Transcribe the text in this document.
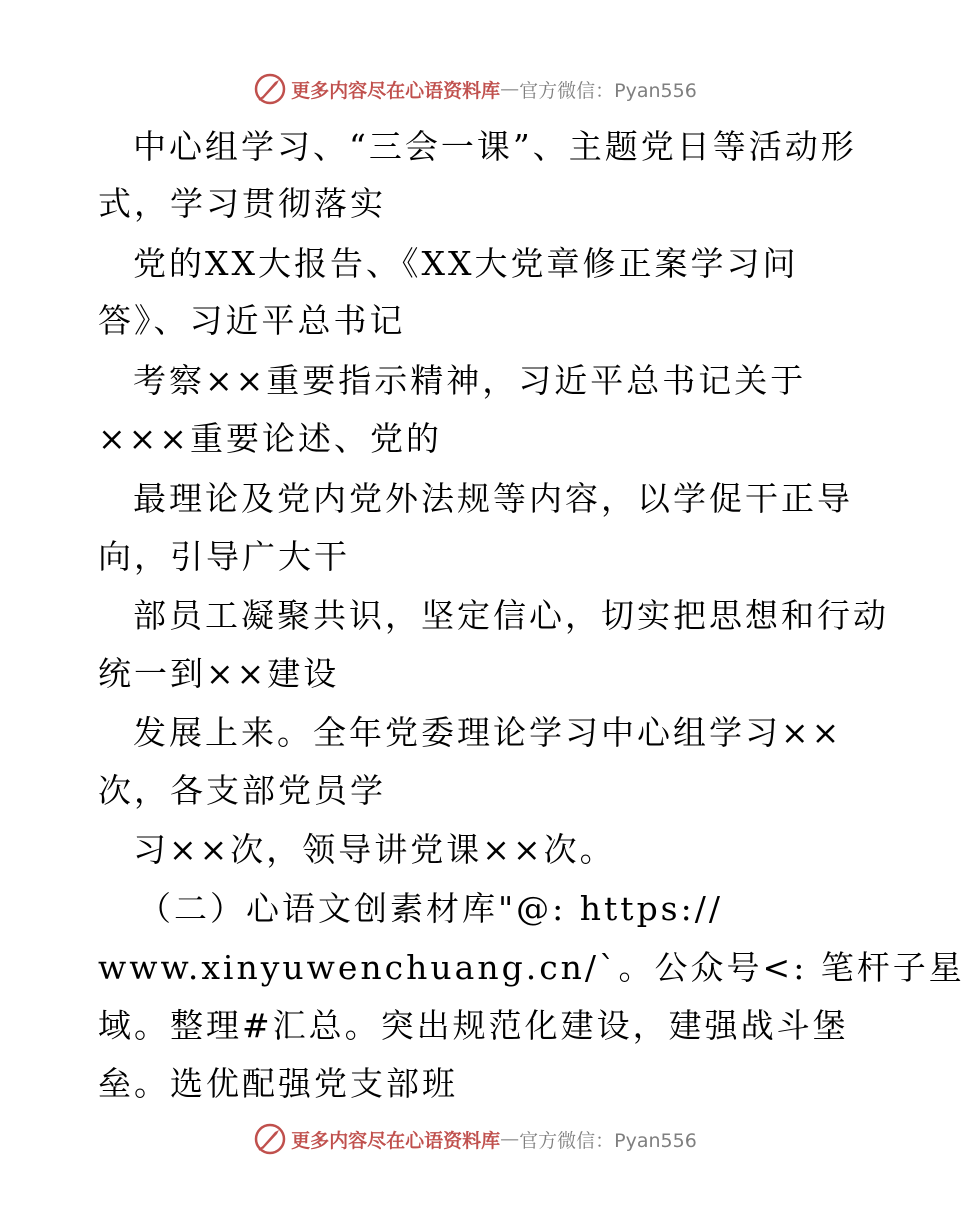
更多内容尽在心语资料库 — 官方微信：Pyan556
中心组学习、“三会一课”、主题党日等活动形
式，学习贯彻落实
党的XX大报告、《XX大党章修正案学习问
答》、习近平总书记
考察××重要指示精神，习近平总书记关于
×××重要论述、党的
最理论及党内党外法规等内容，以学促干正导
向，引导广大干
部员工凝聚共识，坚定信心，切实把思想和行动
统一到××建设
发展上来。全年党委理论学习中心组学习××
次，各支部党员学
习××次，领导讲党课××次。
（二）心语文创素材库"@: https://
www.xinyuwenchuang.cn/`。公众号<: 笔杆子星
域。整理#汇总。突出规范化建设，建强战斗堡
垒。选优配强党支部班
更多内容尽在心语资料库 — 官方微信：Pyan556
